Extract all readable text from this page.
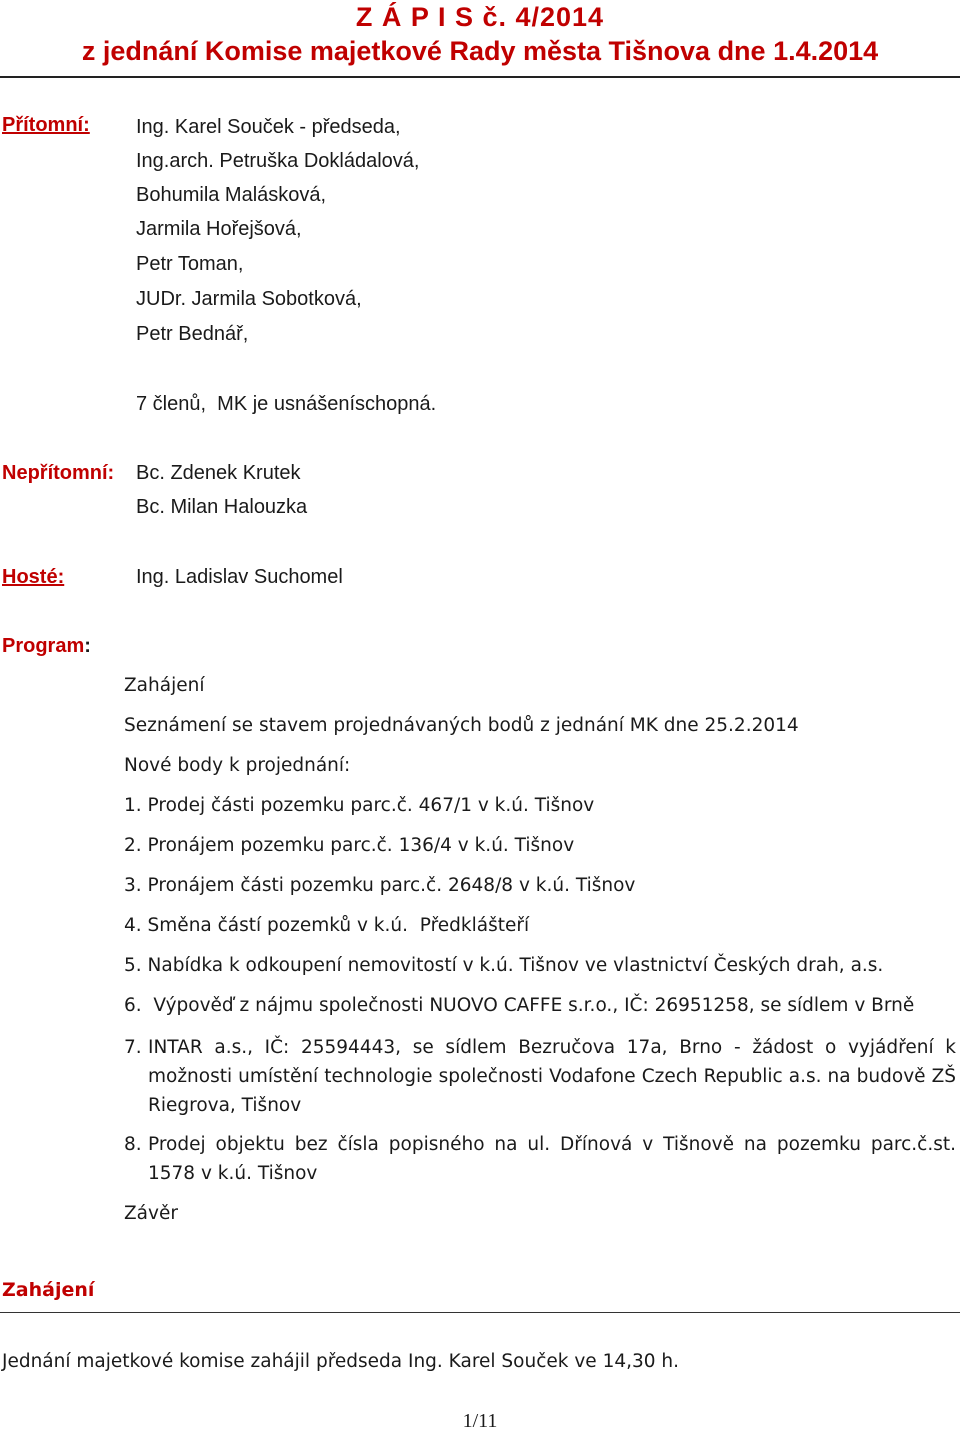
Z Á P I S č. 4/2014
z jednání Komise majetkové Rady města Tišnova dne 1.4.2014
Přítomní: Ing. Karel Souček - předseda,
Ing.arch. Petruška Dokládalová,
Bohumila Malásková,
Jarmila Hořejšová,
Petr Toman,
JUDr. Jarmila Sobotková,
Petr Bednář,
7 členů,  MK je usnášeníschopná.
Nepřítomní: Bc. Zdenek Krutek
Bc. Milan Halouzka
Hosté:	Ing. Ladislav Suchomel
Program:
Zahájení
Seznámení se stavem projednávaných bodů z jednání MK dne 25.2.2014
Nové body k projednání:
1. Prodej části pozemku parc.č. 467/1 v k.ú. Tišnov
2. Pronájem pozemku parc.č. 136/4 v k.ú. Tišnov
3. Pronájem části pozemku parc.č. 2648/8 v k.ú. Tišnov
4. Směna částí pozemků v k.ú.  Předklášteří
5. Nabídka k odkoupení nemovitostí v k.ú. Tišnov ve vlastnictví Českých drah, a.s.
6.  Výpověď z nájmu společnosti NUOVO CAFFE s.r.o., IČ: 26951258, se sídlem v Brně
7. INTAR a.s., IČ: 25594443, se sídlem Bezručova 17a, Brno - žádost o vyjádření k možnosti umístění technologie společnosti Vodafone Czech Republic a.s. na budově ZŠ Riegrova, Tišnov
8. Prodej objektu bez čísla popisného na ul. Dřínová v Tišnově na pozemku parc.č.st. 1578 v k.ú. Tišnov
Závěr
Zahájení
Jednání majetkové komise zahájil předseda Ing. Karel Souček ve 14,30 h.
1/11
